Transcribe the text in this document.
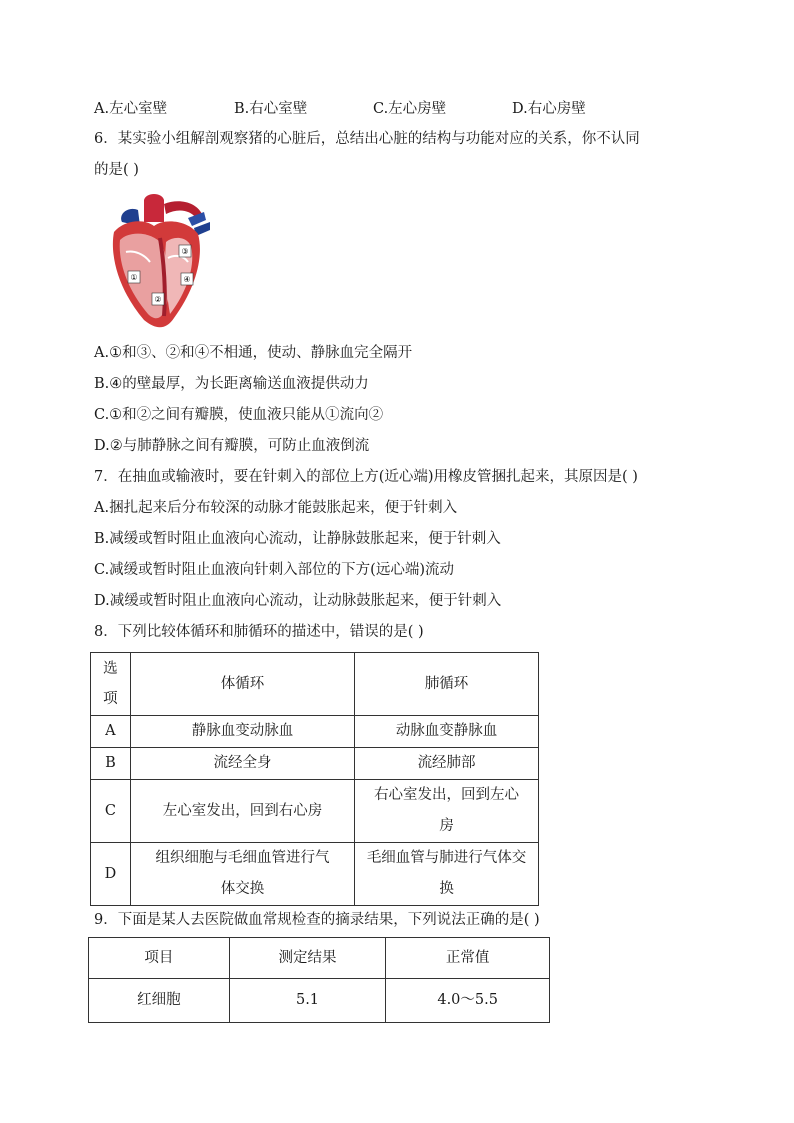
A.左心室壁	B.右心室壁	C.左心房壁	D.右心房壁
6．某实验小组解剖观察猪的心脏后，总结出心脏的结构与功能对应的关系，你不认同
的是( )
①
②
③
④
A.①和③、②和④不相通，使动、静脉血完全隔开
B.④的壁最厚，为长距离输送血液提供动力
C.①和②之间有瓣膜，使血液只能从①流向②
D.②与肺静脉之间有瓣膜，可防止血液倒流
7．在抽血或输液时，要在针刺入的部位上方(近心端)用橡皮管捆扎起来，其原因是( )
A.捆扎起来后分布较深的动脉才能鼓胀起来，便于针刺入
B.减缓或暂时阻止血液向心流动，让静脉鼓胀起来，便于针刺入
C.减缓或暂时阻止血液向针刺入部位的下方(远心端)流动
D.减缓或暂时阻止血液向心流动，让动脉鼓胀起来，便于针刺入
8．下列比较体循环和肺循环的描述中，错误的是( )
选项	体循环	肺循环
A	静脉血变动脉血	动脉血变静脉血
B	流经全身	流经肺部
C	左心室发出，回到右心房	右心室发出，回到左心房

D	组织细胞与毛细血管进行气体交换	毛细血管与肺进行气体交换
9．下面是某人去医院做血常规检查的摘录结果，下列说法正确的是( )
项目	测定结果	正常值
红细胞	5.1	4.0～5.5
